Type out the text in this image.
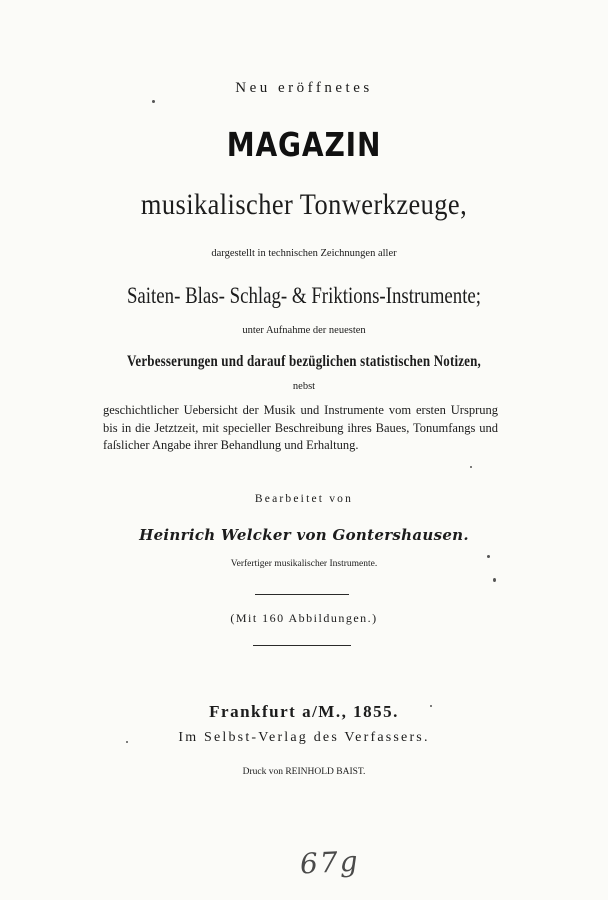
Neu eröffnetes
MAGAZIN
musikalischer Tonwerkzeuge,
dargestellt in technischen Zeichnungen aller
Saiten- Blas- Schlag- & Friktions-Instrumente;
unter Aufnahme der neuesten
Verbesserungen und darauf bezüglichen statistischen Notizen,
nebst
geschichtlicher Uebersicht der Musik und Instrumente vom ersten Ursprung bis in die Jetztzeit, mit specieller Beschreibung ihres Baues, Tonumfangs und faſslicher Angabe ihrer Behandlung und Erhaltung.
Bearbeitet von
Heinrich Welcker von Gontershausen.
Verfertiger musikalischer Instrumente.
(Mit 160 Abbildungen.)
Frankfurt a/M., 1855.
Im Selbst-Verlag des Verfassers.
Druck von REINHOLD BAIST.
67g
